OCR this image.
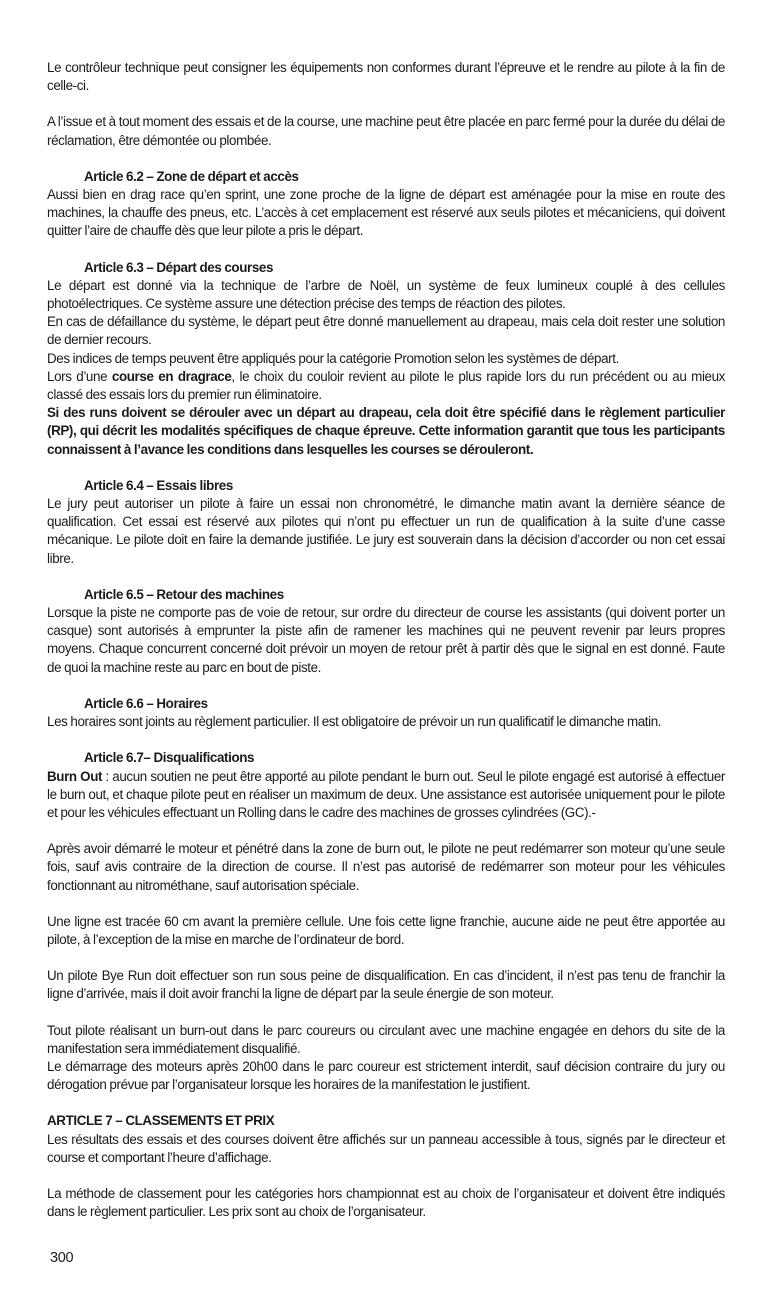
Le contrôleur technique peut consigner les équipements non conformes durant l’épreuve et le rendre au pilote à la fin de celle-ci.

A l’issue et à tout moment des essais et de la course, une machine peut être placée en parc fermé pour la durée du délai de réclamation, être démontée ou plombée.

Article 6.2 – Zone de départ et accès

Aussi bien en drag race qu’en sprint, une zone proche de la ligne de départ est aménagée pour la mise en route des machines, la chauffe des pneus, etc. L’accès à cet emplacement est réservé aux seuls pilotes et mécaniciens, qui doivent quitter l’aire de chauffe dès que leur pilote a pris le départ.

Article 6.3 – Départ des courses

Le départ est donné via la technique de l’arbre de Noël, un système de feux lumineux couplé à des cellules photoélectriques. Ce système assure une détection précise des temps de réaction des pilotes.

En cas de défaillance du système, le départ peut être donné manuellement au drapeau, mais cela doit rester une solution de dernier recours.

Des indices de temps peuvent être appliqués pour la catégorie Promotion selon les systèmes de départ.

Lors d’une course en dragrace, le choix du couloir revient au pilote le plus rapide lors du run précédent ou au mieux classé des essais lors du premier run éliminatoire.

Si des runs doivent se dérouler avec un départ au drapeau, cela doit être spécifié dans le règlement particulier (RP), qui décrit les modalités spécifiques de chaque épreuve. Cette information garantit que tous les participants connaissent à l’avance les conditions dans lesquelles les courses se dérouleront.

Article 6.4 – Essais libres

Le jury peut autoriser un pilote à faire un essai non chronométré, le dimanche matin avant la dernière séance de qualification. Cet essai est réservé aux pilotes qui n’ont pu effectuer un run de qualification à la suite d’une casse mécanique. Le pilote doit en faire la demande justifiée. Le jury est souverain dans la décision d’accorder ou non cet essai libre.

Article 6.5 – Retour des machines

Lorsque la piste ne comporte pas de voie de retour, sur ordre du directeur de course les assistants (qui doivent porter un casque) sont autorisés à emprunter la piste afin de ramener les machines qui ne peuvent revenir par leurs propres moyens. Chaque concurrent concerné doit prévoir un moyen de retour prêt à partir dès que le signal en est donné. Faute de quoi la machine reste au parc en bout de piste.

Article 6.6 – Horaires

Les horaires sont joints au règlement particulier. Il est obligatoire de prévoir un run qualificatif le dimanche matin.

Article 6.7– Disqualifications

Burn Out : aucun soutien ne peut être apporté au pilote pendant le burn out. Seul le pilote engagé est autorisé à effectuer le burn out, et chaque pilote peut en réaliser un maximum de deux. Une assistance est autorisée uniquement pour le pilote et pour les véhicules effectuant un Rolling dans le cadre des machines de grosses cylindrées (GC).-

Après avoir démarré le moteur et pénétré dans la zone de burn out, le pilote ne peut redémarrer son moteur qu’une seule fois, sauf avis contraire de la direction de course. Il n’est pas autorisé de redémarrer son moteur pour les véhicules fonctionnant au nitrométhane, sauf autorisation spéciale.

Une ligne est tracée 60 cm avant la première cellule. Une fois cette ligne franchie, aucune aide ne peut être apportée au pilote, à l’exception de la mise en marche de l’ordinateur de bord.

Un pilote Bye Run doit effectuer son run sous peine de disqualification. En cas d’incident, il n’est pas tenu de franchir la ligne d’arrivée, mais il doit avoir franchi la ligne de départ par la seule énergie de son moteur.

Tout pilote réalisant un burn-out dans le parc coureurs ou circulant avec une machine engagée en dehors du site de la manifestation sera immédiatement disqualifié.

Le démarrage des moteurs après 20h00 dans le parc coureur est strictement interdit, sauf décision contraire du jury ou dérogation prévue par l’organisateur lorsque les horaires de la manifestation le justifient.

ARTICLE 7 – CLASSEMENTS ET PRIX

Les résultats des essais et des courses doivent être affichés sur un panneau accessible à tous, signés par le directeur et course et comportant l’heure d’affichage.

La méthode de classement pour les catégories hors championnat est au choix de l’organisateur et doivent être indiqués dans le règlement particulier. Les prix sont au choix de l’organisateur.

300
